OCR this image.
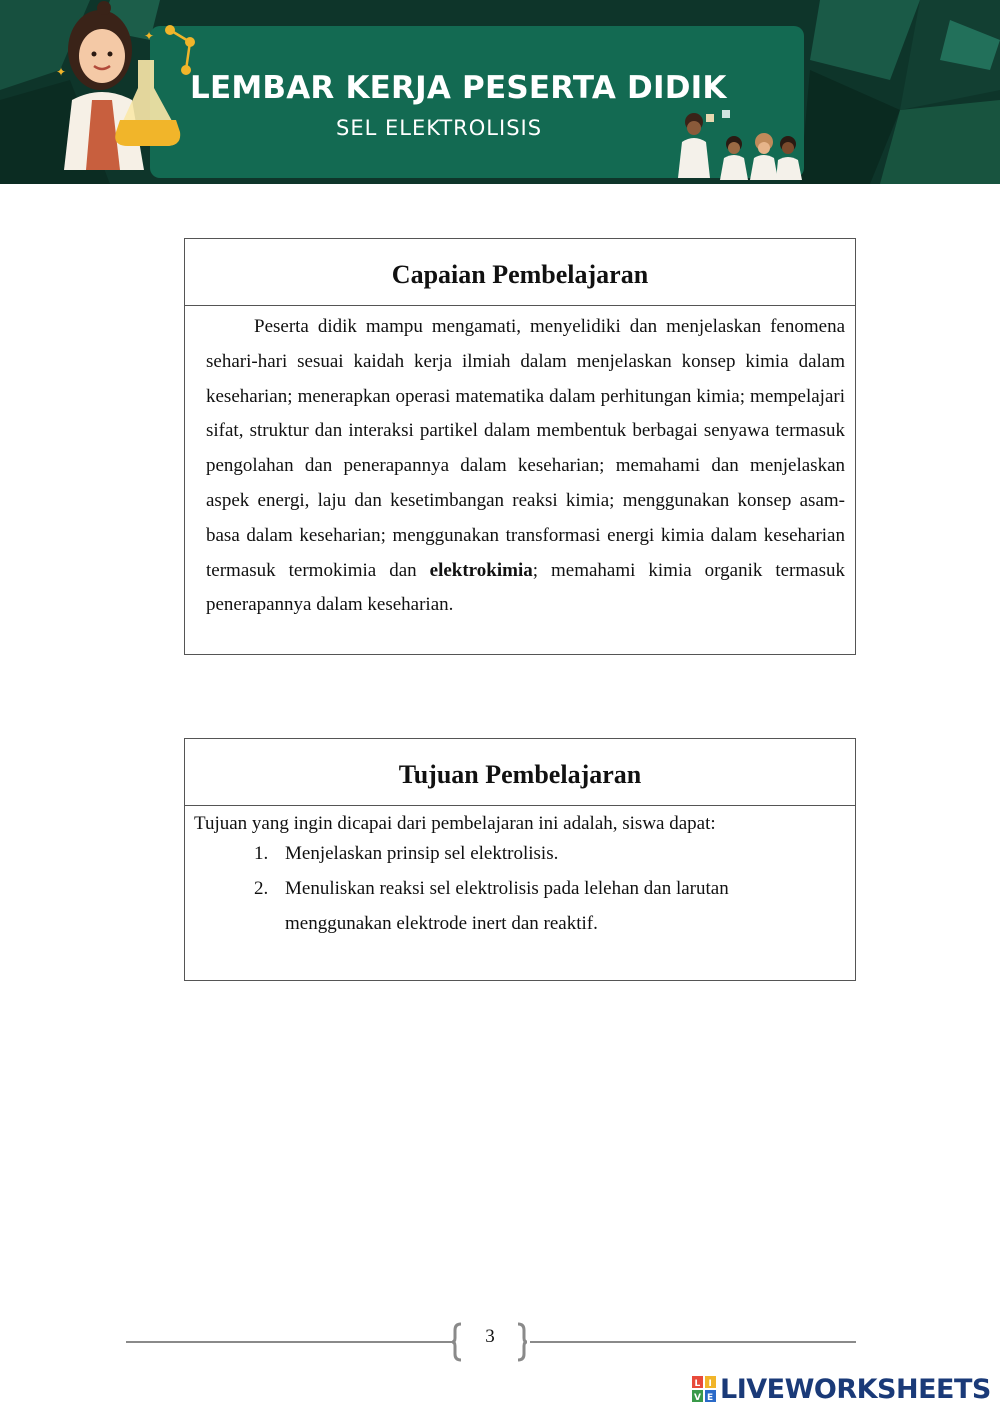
✦
✦	LEMBAR KERJA PESERTA DIDIK
SEL ELEKTROLISIS
Capaian Pembelajaran
Peserta didik mampu mengamati, menyelidiki dan menjelaskan fenomena sehari-hari sesuai kaidah kerja ilmiah dalam menjelaskan konsep kimia dalam keseharian; menerapkan operasi matematika dalam perhitungan kimia; mempelajari sifat, struktur dan interaksi partikel dalam membentuk berbagai senyawa termasuk pengolahan dan penerapannya dalam keseharian; memahami dan menjelaskan aspek energi, laju dan kesetimbangan reaksi kimia; menggunakan konsep asam-basa dalam keseharian; menggunakan transformasi energi kimia dalam keseharian termasuk termokimia dan elektrokimia; memahami kimia organik termasuk penerapannya dalam keseharian.
Tujuan Pembelajaran
Tujuan yang ingin dicapai dari pembelajaran ini adalah, siswa dapat:
1. Menjelaskan prinsip sel elektrolisis.
2. Menuliskan reaksi sel elektrolisis pada lelehan dan larutan menggunakan elektrode inert dan reaktif.
3
L I
V E LIVEWORKSHEETS
